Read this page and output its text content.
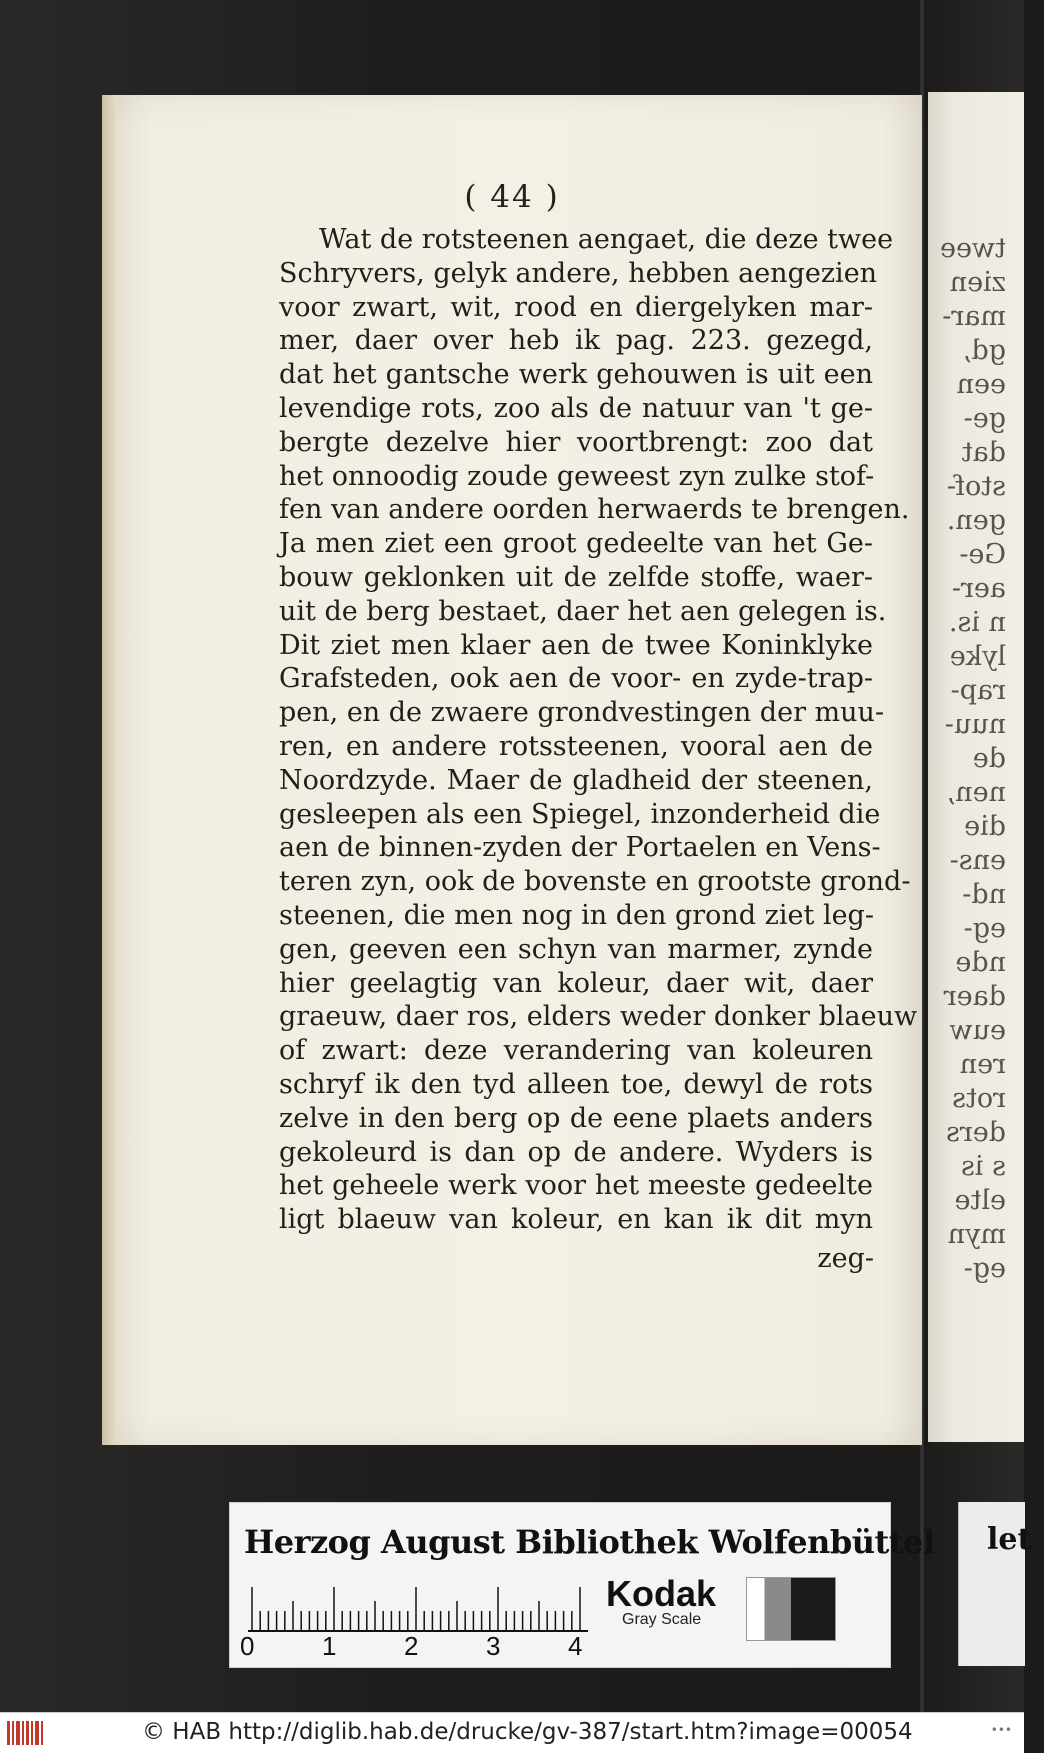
twee
zien
mar-
gd,
een
ge-
dat
stof-
gen.
Ge-
aer-
n is.
lyke
rap-
nuu-
de
nen,
die
ens-
nd-
eg-
nde
daer
euw
ren
rots
ders
s is
elte
myn
eg-
( 44 )
Wat de rotsteenen aengaet, die deze twee
Schryvers, gelyk andere, hebben aengezien
voor zwart, wit, rood en diergelyken mar-
mer, daer over heb ik pag. 223. gezegd,
dat het gantsche werk gehouwen is uit een
levendige rots, zoo als de natuur van 't ge-
bergte dezelve hier voortbrengt: zoo dat
het onnoodig zoude geweest zyn zulke stof-
fen van andere oorden herwaerds te brengen.
Ja men ziet een groot gedeelte van het Ge-
bouw geklonken uit de zelfde stoffe, waer-
uit de berg bestaet, daer het aen gelegen is.
Dit ziet men klaer aen de twee Koninklyke
Grafsteden, ook aen de voor- en zyde-trap-
pen, en de zwaere grondvestingen der muu-
ren, en andere rotssteenen, vooral aen de
Noordzyde. Maer de gladheid der steenen,
gesleepen als een Spiegel, inzonderheid die
aen de binnen-zyden der Portaelen en Vens-
teren zyn, ook de bovenste en grootste grond-
steenen, die men nog in den grond ziet leg-
gen, geeven een schyn van marmer, zynde
hier geelagtig van koleur, daer wit, daer
graeuw, daer ros, elders weder donker blaeuw
of zwart: deze verandering van koleuren
schryf ik den tyd alleen toe, dewyl de rots
zelve in den berg op de eene plaets anders
gekoleurd is dan op de andere. Wyders is
het geheele werk voor het meeste gedeelte
ligt blaeuw van koleur, en kan ik dit myn
zeg-
Herzog August Bibliothek Wolfenbüttel
0	1	2	3	4
Kodak
Gray Scale
let
© HAB http://diglib.hab.de/drucke/gv-387/start.htm?image=00054	•••
